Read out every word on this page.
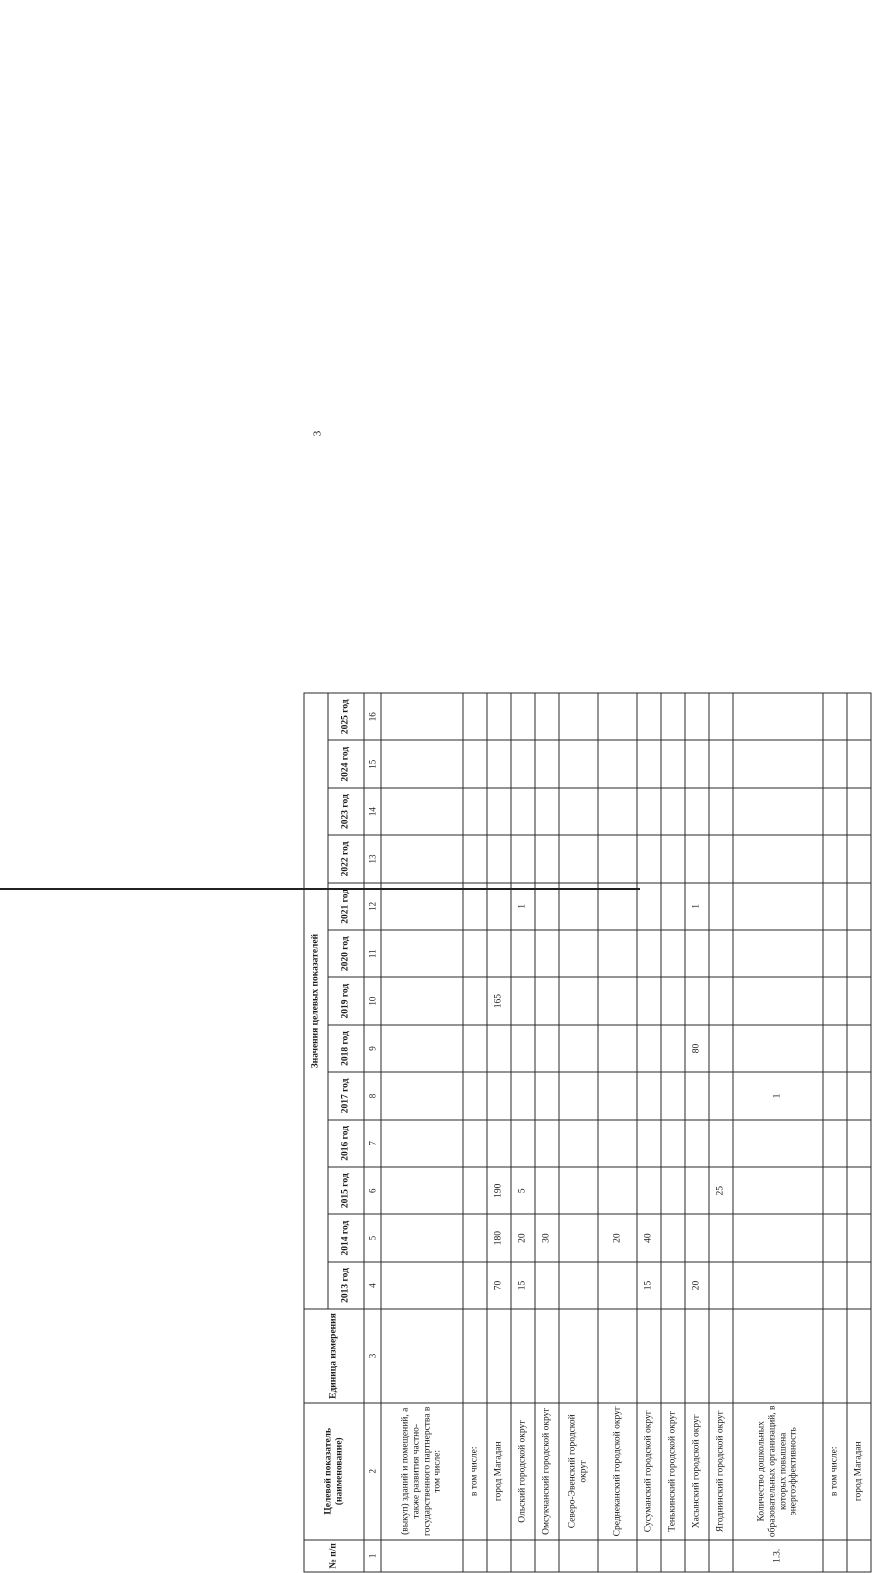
3
№ п/п	Целевой показатель (наименование)	Единица измерения	Значения целевых показателей												
			2013 год	2014 год	2015 год	2016 год	2017 год	2018 год	2019 год	2020 год	2021 год	2022 год	2023 год	2024 год	2025 год
1	2	3	4	5	6	7	8	9	10	11	12	13	14	15	16
	(выкуп) зданий и помещений, а также развития частно-государственного партнерства в том числе:														
	в том числе:														
	город Магадан		70	180	190				165						
	Ольский городской округ		15	20	5						1				
	Омсукчанский городской округ			30											
	Северо-Эвенский городской округ														
	Среднеканский городской округ			20											
	Сусуманский городской округ		15	40											
	Тенькинский городской округ														
	Хасынский городской округ		20					80			1				
	Ягоднинский городской округ				25										
1.3.	Количество дошкольных образовательных организаций, в которых повышена энергоэффективность						1								
	в том числе:														
	город Магадан														
